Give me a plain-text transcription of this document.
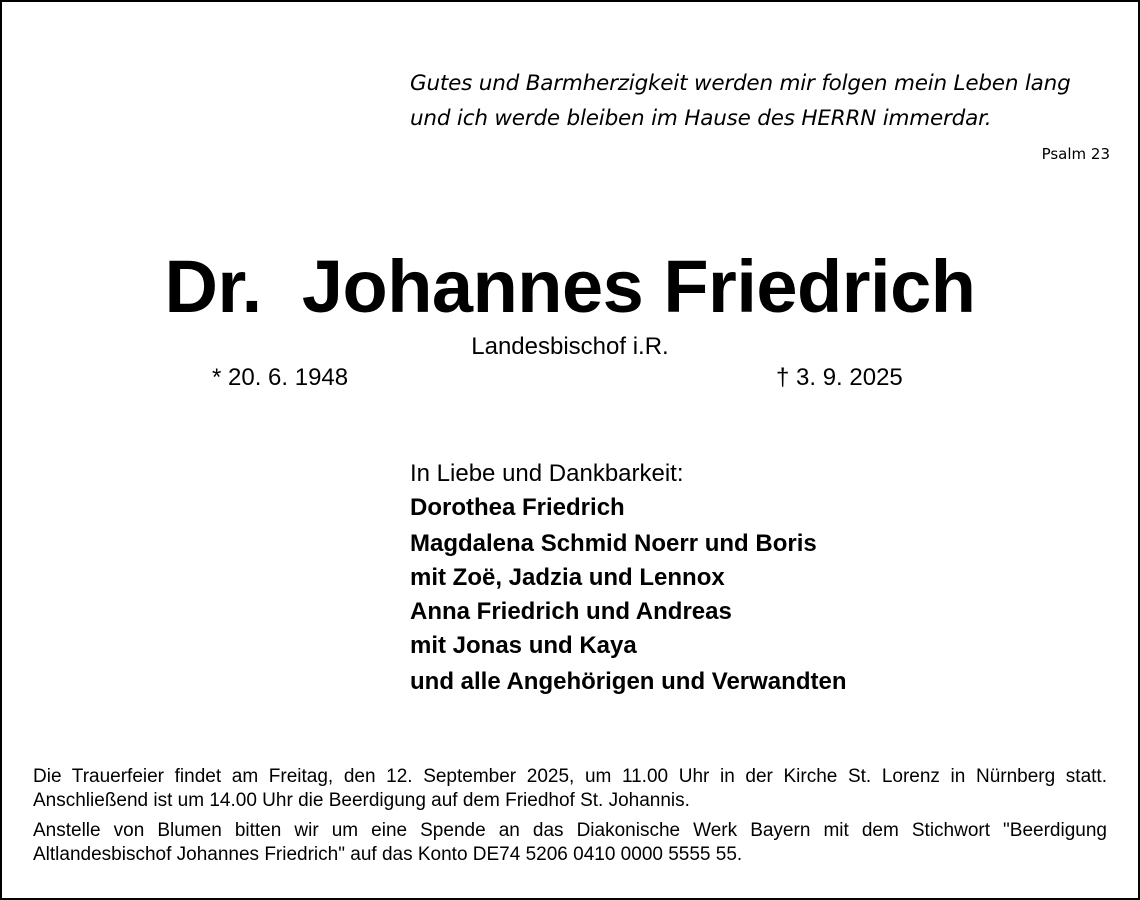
Gutes und Barmherzigkeit werden mir folgen mein Leben lang
und ich werde bleiben im Hause des HERRN immerdar.
Psalm 23
Dr.  Johannes Friedrich
Landesbischof i.R.
* 20. 6. 1948	† 3. 9. 2025
In Liebe und Dankbarkeit:
Dorothea Friedrich
Magdalena Schmid Noerr und Boris
mit Zoë, Jadzia und Lennox
Anna Friedrich und Andreas
mit Jonas und Kaya
und alle Angehörigen und Verwandten

Die Trauerfeier findet am Freitag, den 12. September 2025, um 11.00 Uhr in der Kirche St. Lorenz in Nürnberg statt. Anschließend ist um 14.00 Uhr die Beerdigung auf dem Friedhof St. Johannis.

Anstelle von Blumen bitten wir um eine Spende an das Diakonische Werk Bayern mit dem Stichwort "Beerdigung Altlandesbischof Johannes Friedrich" auf das Konto DE74 5206 0410 0000 5555 55.
